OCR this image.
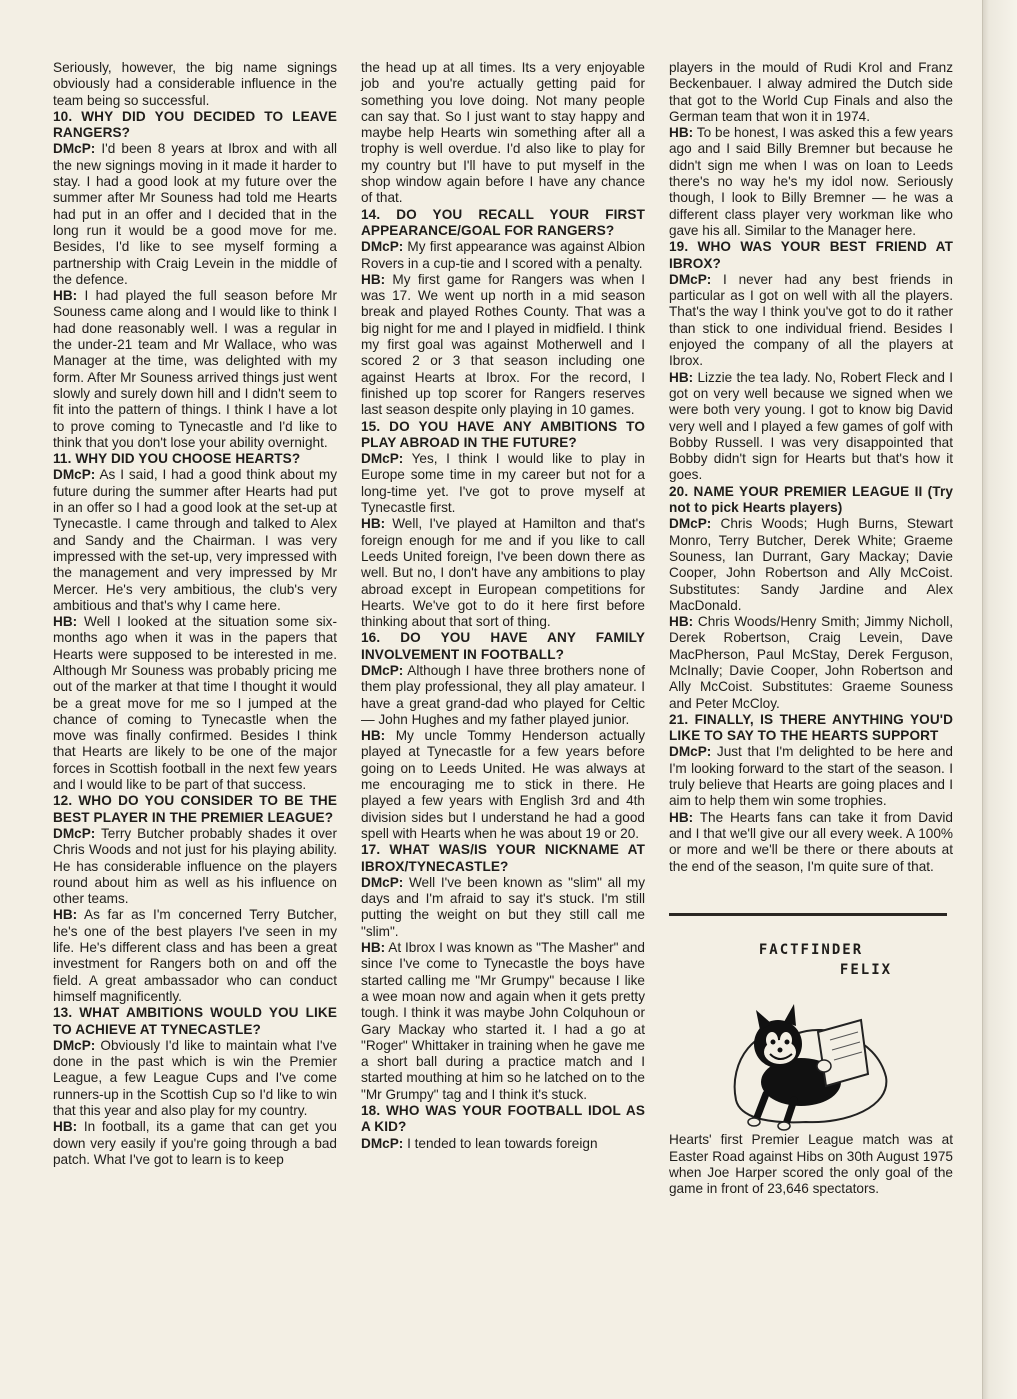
Seriously, however, the big name signings obviously had a considerable influence in the team being so successful.

10. WHY DID YOU DECIDED TO LEAVE RANGERS?

DMcP: I'd been 8 years at Ibrox and with all the new signings moving in it made it harder to stay. I had a good look at my future over the summer after Mr Souness had told me Hearts had put in an offer and I decided that in the long run it would be a good move for me. Besides, I'd like to see myself forming a partnership with Craig Levein in the middle of the defence.

HB: I had played the full season before Mr Souness came along and I would like to think I had done reasonably well. I was a regular in the under-21 team and Mr Wallace, who was Manager at the time, was delighted with my form. After Mr Souness arrived things just went slowly and surely down hill and I didn't seem to fit into the pattern of things. I think I have a lot to prove coming to Tynecastle and I'd like to think that you don't lose your ability overnight.

11. WHY DID YOU CHOOSE HEARTS?

DMcP: As I said, I had a good think about my future during the summer after Hearts had put in an offer so I had a good look at the set-up at Tynecastle. I came through and talked to Alex and Sandy and the Chairman. I was very impressed with the set-up, very impressed with the management and very impressed by Mr Mercer. He's very ambitious, the club's very ambitious and that's why I came here.

HB: Well I looked at the situation some six-months ago when it was in the papers that Hearts were supposed to be interested in me. Although Mr Souness was probably pricing me out of the marker at that time I thought it would be a great move for me so I jumped at the chance of coming to Tynecastle when the move was finally confirmed. Besides I think that Hearts are likely to be one of the major forces in Scottish football in the next few years and I would like to be part of that success.

12. WHO DO YOU CONSIDER TO BE THE BEST PLAYER IN THE PREMIER LEAGUE?

DMcP: Terry Butcher probably shades it over Chris Woods and not just for his playing ability. He has considerable influence on the players round about him as well as his influence on other teams.

HB: As far as I'm concerned Terry Butcher, he's one of the best players I've seen in my life. He's different class and has been a great investment for Rangers both on and off the field. A great ambassador who can conduct himself magnificently.

13. WHAT AMBITIONS WOULD YOU LIKE TO ACHIEVE AT TYNECASTLE?

DMcP: Obviously I'd like to maintain what I've done in the past which is win the Premier League, a few League Cups and I've come runners-up in the Scottish Cup so I'd like to win that this year and also play for my country.

HB: In football, its a game that can get you down very easily if you're going through a bad patch. What I've got to learn is to keep

the head up at all times. Its a very enjoyable job and you're actually getting paid for something you love doing. Not many people can say that. So I just want to stay happy and maybe help Hearts win something after all a trophy is well overdue. I'd also like to play for my country but I'll have to put myself in the shop window again before I have any chance of that.

14. DO YOU RECALL YOUR FIRST APPEARANCE/GOAL FOR RANGERS?

DMcP: My first appearance was against Albion Rovers in a cup-tie and I scored with a penalty.

HB: My first game for Rangers was when I was 17. We went up north in a mid season break and played Rothes County. That was a big night for me and I played in midfield. I think my first goal was against Motherwell and I scored 2 or 3 that season including one against Hearts at Ibrox. For the record, I finished up top scorer for Rangers reserves last season despite only playing in 10 games.

15. DO YOU HAVE ANY AMBITIONS TO PLAY ABROAD IN THE FUTURE?

DMcP: Yes, I think I would like to play in Europe some time in my career but not for a long-time yet. I've got to prove myself at Tynecastle first.

HB: Well, I've played at Hamilton and that's foreign enough for me and if you like to call Leeds United foreign, I've been down there as well. But no, I don't have any ambitions to play abroad except in European competitions for Hearts. We've got to do it here first before thinking about that sort of thing.

16. DO YOU HAVE ANY FAMILY INVOLVEMENT IN FOOTBALL?

DMcP: Although I have three brothers none of them play professional, they all play amateur. I have a great grand-dad who played for Celtic — John Hughes and my father played junior.

HB: My uncle Tommy Henderson actually played at Tynecastle for a few years before going on to Leeds United. He was always at me encouraging me to stick in there. He played a few years with English 3rd and 4th division sides but I understand he had a good spell with Hearts when he was about 19 or 20.

17. WHAT WAS/IS YOUR NICKNAME AT IBROX/TYNECASTLE?

DMcP: Well I've been known as "slim" all my days and I'm afraid to say it's stuck. I'm still putting the weight on but they still call me "slim".

HB: At Ibrox I was known as "The Masher" and since I've come to Tynecastle the boys have started calling me "Mr Grumpy" because I like a wee moan now and again when it gets pretty tough. I think it was maybe John Colquhoun or Gary Mackay who started it. I had a go at "Roger" Whittaker in training when he gave me a short ball during a practice match and I started mouthing at him so he latched on to the "Mr Grumpy" tag and I think it's stuck.

18. WHO WAS YOUR FOOTBALL IDOL AS A KID?

DMcP: I tended to lean towards foreign

players in the mould of Rudi Krol and Franz Beckenbauer. I alway admired the Dutch side that got to the World Cup Finals and also the German team that won it in 1974.

HB: To be honest, I was asked this a few years ago and I said Billy Bremner but because he didn't sign me when I was on loan to Leeds there's no way he's my idol now. Seriously though, I look to Billy Bremner — he was a different class player very workman like who gave his all. Similar to the Manager here.

19. WHO WAS YOUR BEST FRIEND AT IBROX?

DMcP: I never had any best friends in particular as I got on well with all the players. That's the way I think you've got to do it rather than stick to one individual friend. Besides I enjoyed the company of all the players at Ibrox.

HB: Lizzie the tea lady. No, Robert Fleck and I got on very well because we signed when we were both very young. I got to know big David very well and I played a few games of golf with Bobby Russell. I was very disappointed that Bobby didn't sign for Hearts but that's how it goes.

20. NAME YOUR PREMIER LEAGUE II (Try not to pick Hearts players)

DMcP: Chris Woods; Hugh Burns, Stewart Monro, Terry Butcher, Derek White; Graeme Souness, Ian Durrant, Gary Mackay; Davie Cooper, John Robertson and Ally McCoist. Substitutes: Sandy Jardine and Alex MacDonald.

HB: Chris Woods/Henry Smith; Jimmy Nicholl, Derek Robertson, Craig Levein, Dave MacPherson, Paul McStay, Derek Ferguson, McInally; Davie Cooper, John Robertson and Ally McCoist. Substitutes: Graeme Souness and Peter McCloy.

21. FINALLY, IS THERE ANYTHING YOU'D LIKE TO SAY TO THE HEARTS SUPPORT

DMcP: Just that I'm delighted to be here and I'm looking forward to the start of the season. I truly believe that Hearts are going places and I aim to help them win some trophies.

HB: The Hearts fans can take it from David and I that we'll give our all every week. A 100% or more and we'll be there or there abouts at the end of the season, I'm quite sure of that.

FACTFINDER
FELIX

Hearts' first Premier League match was at Easter Road against Hibs on 30th August 1975 when Joe Harper scored the only goal of the game in front of 23,646 spectators.
